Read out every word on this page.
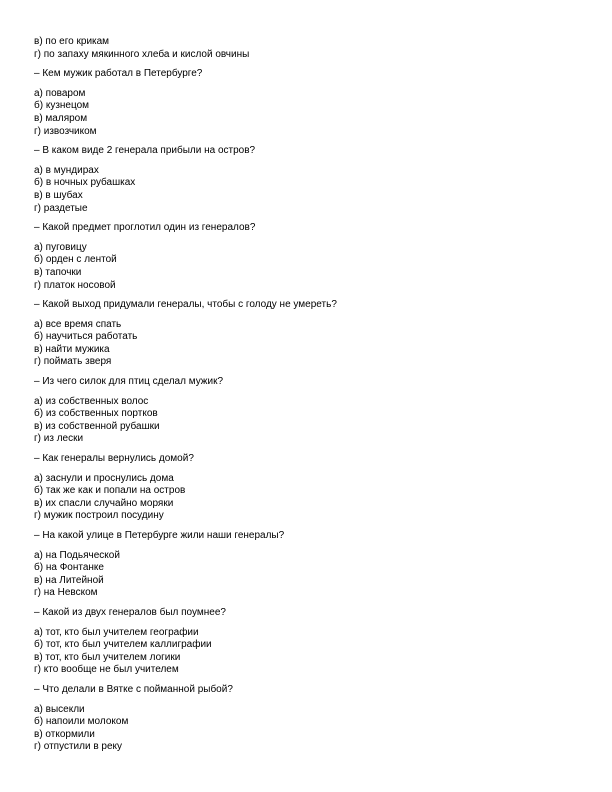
в) по его крикам
г) по запаху мякинного хлеба и кислой овчины
– Кем мужик работал в Петербурге?
а) поваром
б) кузнецом
в) маляром
г) извозчиком
– В каком виде 2 генерала прибыли на остров?
а) в мундирах
б) в ночных рубашках
в) в шубах
г) раздетые
– Какой предмет проглотил один из генералов?
а) пуговицу
б) орден с лентой
в) тапочки
г) платок носовой
– Какой выход придумали генералы, чтобы с голоду не умереть?
а) все время спать
б) научиться работать
в) найти мужика
г) поймать зверя
– Из чего силок для птиц сделал мужик?
а) из собственных волос
б) из собственных портков
в) из собственной рубашки
г) из лески
– Как генералы вернулись домой?
а) заснули и проснулись дома
б) так же как и попали на остров
в) их спасли случайно моряки
г) мужик построил посудину
– На какой улице в Петербурге жили наши генералы?
а) на Подьяческой
б) на Фонтанке
в) на Литейной
г) на Невском
– Какой из двух генералов был поумнее?
а) тот, кто был учителем географии
б) тот, кто был учителем каллиграфии
в) тот, кто был учителем логики
г) кто вообще не был учителем
– Что делали в Вятке с пойманной рыбой?
а) высекли
б) напоили молоком
в) откормили
г) отпустили в реку
